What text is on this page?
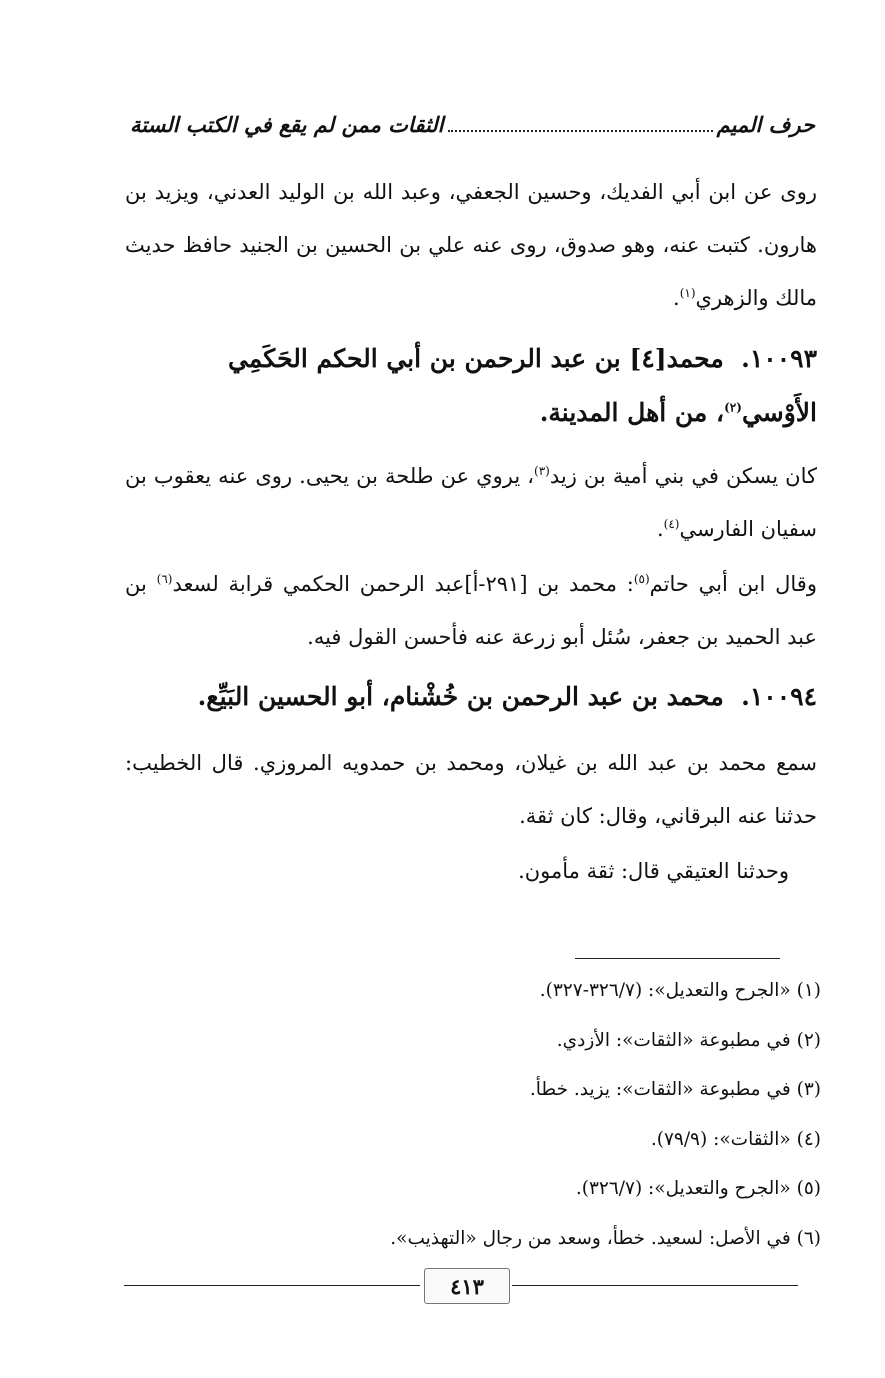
حرف الميم
الثقات ممن لم يقع في الكتب الستة
روى عن ابن أبي الفديك، وحسين الجعفي، وعبد الله بن الوليد العدني، ويزيد بن هارون. كتبت عنه، وهو صدوق، روى عنه علي بن الحسين بن الجنيد حافظ حديث مالك والزهري$^{(١)}$.
١٠٠٩٣.  محمد[٤] بن عبد الرحمن بن أبي الحكم الحَكَمِي الأَوْسي$^{(٢)}$، من أهل المدينة.
كان يسكن في بني أمية بن زيد$^{(٣)}$، يروي عن طلحة بن يحيى. روى عنه يعقوب بن سفيان الفارسي$^{(٤)}$.
وقال ابن أبي حاتم$^{(٥)}$: محمد بن [٢٩١-أ]عبد الرحمن الحكمي قرابة لسعد$^{(٦)}$ بن عبد الحميد بن جعفر، سُئل أبو زرعة عنه فأحسن القول فيه.
١٠٠٩٤.  محمد بن عبد الرحمن بن خُشْنام، أبو الحسين البَيِّع.
سمع محمد بن عبد الله بن غيلان، ومحمد بن حمدويه المروزي. قال الخطيب: حدثنا عنه البرقاني، وقال: كان ثقة.
وحدثنا العتيقي قال: ثقة مأمون.
(١) «الجرح والتعديل»: (٣٢٦/٧-٣٢٧).
(٢) في مطبوعة «الثقات»: الأزدي.
(٣) في مطبوعة «الثقات»: يزيد. خطأ.
(٤) «الثقات»: (٧٩/٩).
(٥) «الجرح والتعديل»: (٣٢٦/٧).
(٦) في الأصل: لسعيد. خطأ، وسعد من رجال «التهذيب».
٤١٣
